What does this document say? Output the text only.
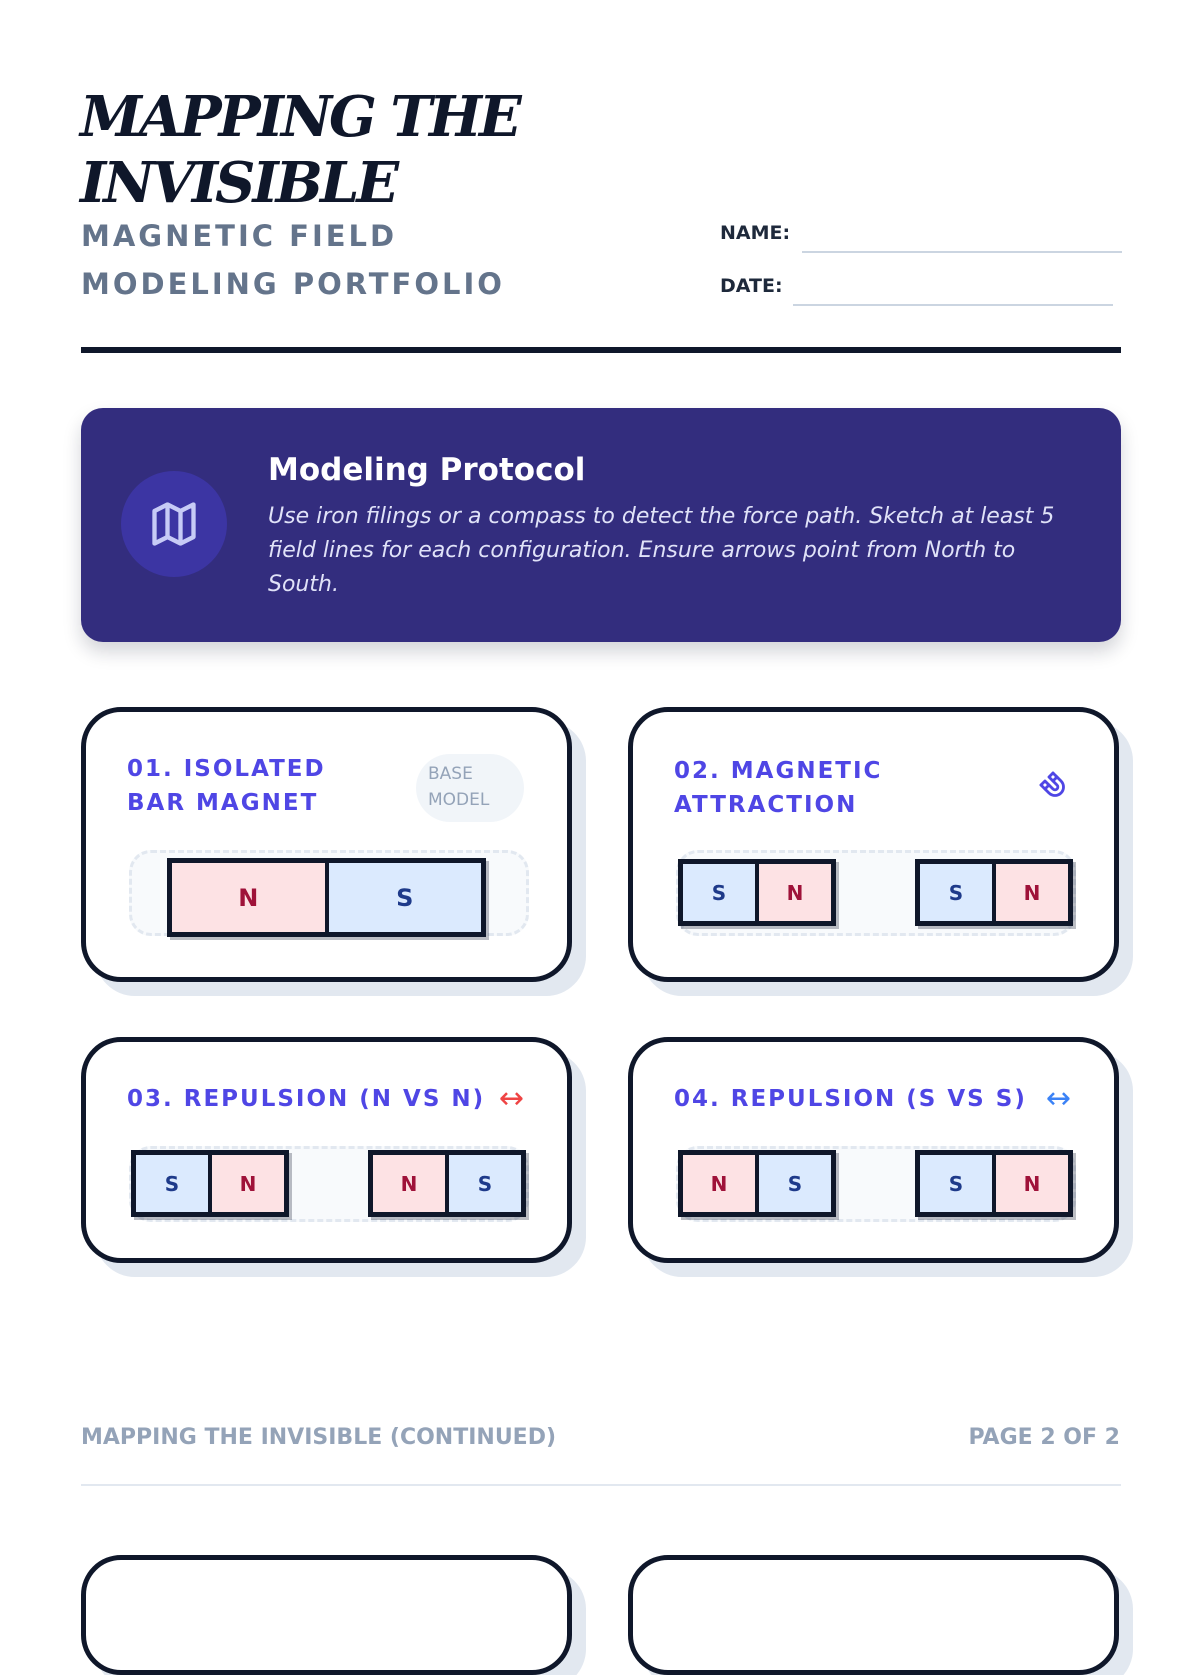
MAPPING THE INVISIBLE

MAGNETIC FIELD MODELING PORTFOLIO

NAME:
DATE:
Modeling Protocol

Use iron filings or a compass to detect the force path. Sketch at least 5 field lines for each configuration. Ensure arrows point from North to South.

01. ISOLATED BAR MAGNET
BASE
MODEL
N	S
02. MAGNETIC ATTRACTION
S	N	S	N
03. REPULSION (N VS N) ↔
S	N	N	S
04. REPULSION (S VS S) ↔
N	S	S	N
MAPPING THE INVISIBLE (CONTINUED)	PAGE 2 OF 2
